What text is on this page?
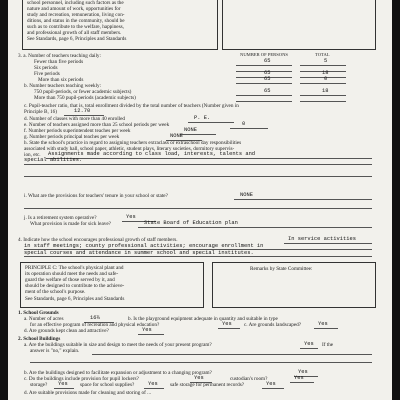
school personnel, including such factors as the
nature and amount of work, opportunities for
study and recreation, remuneration, living con-
ditions, and status in the community, should be
such as to contribute to the welfare, happiness,
and professional growth of all staff members.
See Standards, page 6, Principles and Standards
NUMBER OF PERSONS	TOTAL
3. a. Number of teachers teaching daily:
Fewer than five periods	65	5
Six periods
Five periods	65	18
More than six periods	65	0
b. Number teachers teaching weekly:
750 pupil-periods, or fewer academic subjects)	65	18
More than 750 pupil-periods (academic subjects)
c. Pupil-teacher ratio, that is, total enrollment divided by the total number of teachers (Number given in
Principle B, 16)	12.70
d. Number of classes with more than 40 enrolled	P. E.
e. Number of teachers assigned more than 25 school periods per week	0
f. Number periods superintendent teaches per week	NONE
g. Number periods principal teaches per week	NONE
h. State the school's practice in regard to assigning teachers extraclass or extraschool day responsibilities
associated with study hall, school paper, athletic, student plays, literary societies, dormitory supervis-
ion, etc. Assignments made according to class load, interests, talents and
special abilities.
i. What are the provisions for teachers' tenure in your school or state?	NONE
j. Is a retirement system operative?	Yes
What provision is made for sick leave?	State Board of Education plan
4. Indicate how the school encourages professional growth of staff members.	In service activities
in staff meetings; county professional activities; encourage enrollment in
special courses and attendance in summer school and special institutes.
PRINCIPLE C: The school's physical plant and
its operation should meet the needs and safe-
guard the welfare of those served by it, and
should be designed to contribute to the achieve-
ment of the school's purpose.
See Standards, page 6, Principles and Standards
Remarks by State Committee:
1. School Grounds
a. Number of acres	16¼	b. Is the playground equipment adequate in quantity and suitable in type
for an effective program of recreation and physical education?	Yes c. Are grounds landscaped?	Yes
d. Are grounds kept clean and attractive?	Yes
2. School Buildings
a. Are the buildings suitable in size and design to meet the needs of your present program?	Yes If the
answer is "no," explain.
b. Are the buildings designed to facilitate expansion or adjustment to a changing program?	Yes
c. Do the buildings include provision for pupil lockers?	Yes	custodian's room?	Yes
storage? Yes space for school supplies?	Yes safe storage for permanent records?	Yes
d. Are suitable provisions made for cleaning and storing of ...
